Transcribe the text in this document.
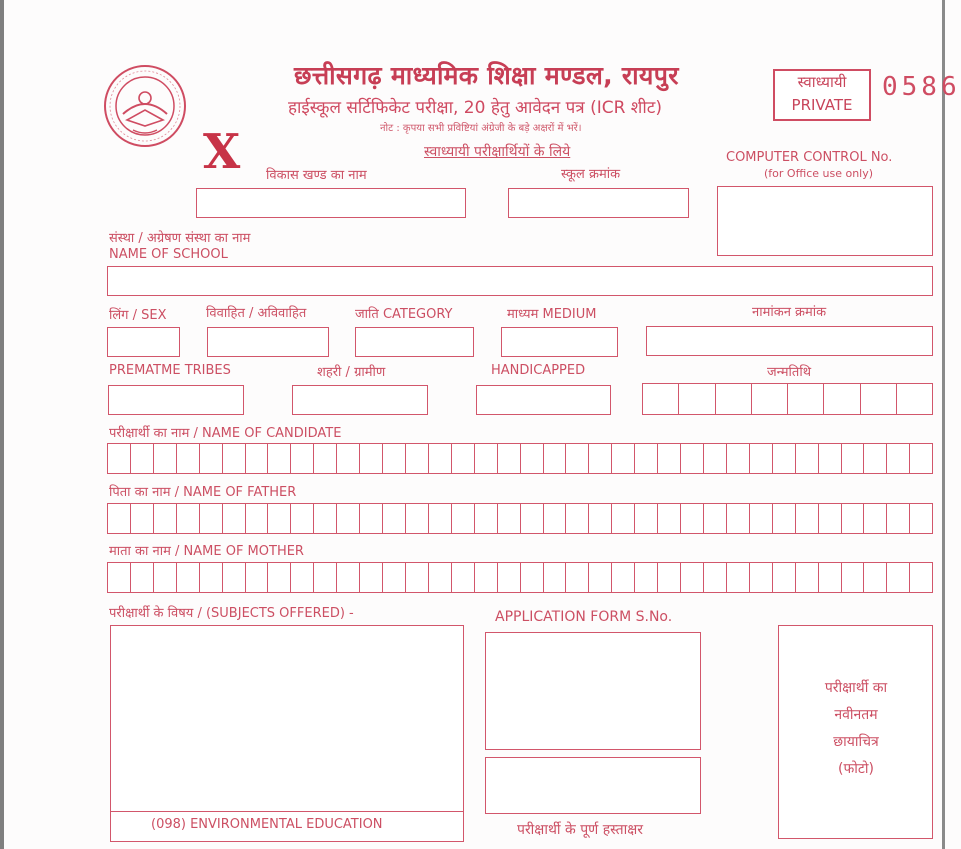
छत्तीसगढ़ माध्यमिक शिक्षा मण्डल, रायपुर
हाईस्कूल सर्टिफिकेट परीक्षा, 20 हेतु आवेदन पत्र (ICR शीट)
नोट : कृपया सभी प्रविष्टियां अंग्रेजी के बड़े अक्षरों में भरें।
स्वाध्यायी
PRIVATE
0586
X	स्वाध्यायी परीक्षार्थियों के लिये
विकास खण्ड का नाम	स्कूल क्रमांक
COMPUTER CONTROL No.
(for Office use only)
संस्था / अग्रेषण संस्था का नाम
NAME OF SCHOOL
लिंग / SEX	विवाहित / अविवाहित	जाति CATEGORY	माध्यम MEDIUM	नामांकन क्रमांक
PREMATME TRIBES	शहरी / ग्रामीण	HANDICAPPED	जन्मतिथि
परीक्षार्थी का नाम / NAME OF CANDIDATE
पिता का नाम / NAME OF FATHER
माता का नाम / NAME OF MOTHER
परीक्षार्थी के विषय / (SUBJECTS OFFERED) -
(098) ENVIRONMENTAL EDUCATION
APPLICATION FORM S.No.
परीक्षार्थी के पूर्ण हस्ताक्षर
परीक्षार्थी का
नवीनतम
छायाचित्र
(फोटो)
